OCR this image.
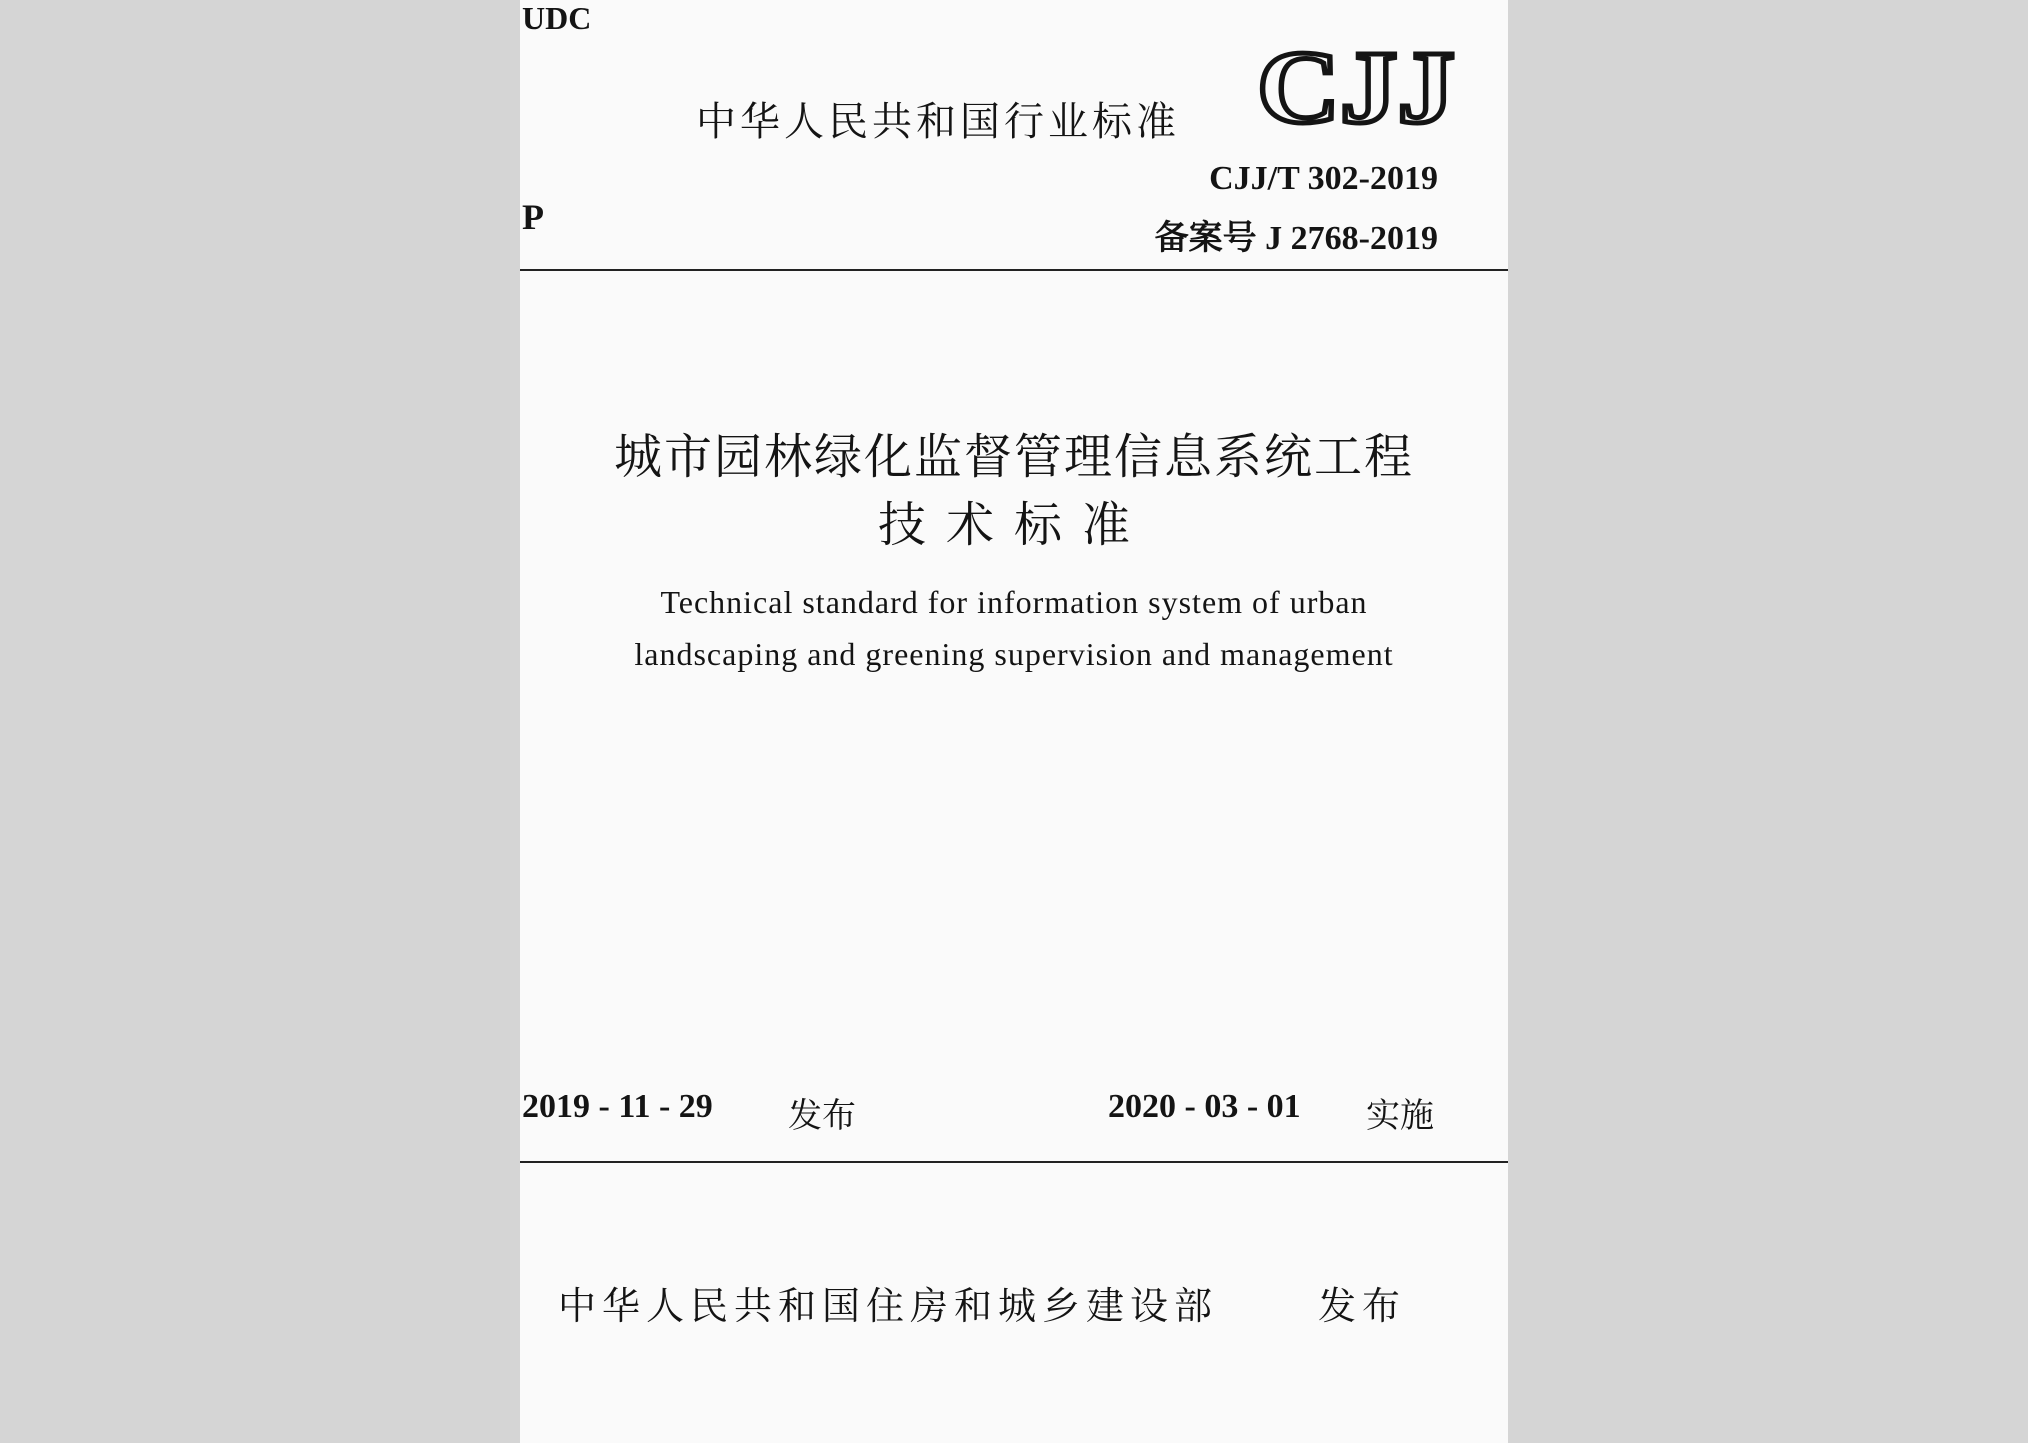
UDC

P

中华人民共和国行业标准 CJJ

CJJ/T 302-2019

备案号 J 2768-2019

城市园林绿化监督管理信息系统工程

技术标准

Technical standard for information system of urban

landscaping and greening supervision and management

2019 - 11 - 29 发布	2020 - 03 - 01 实施

中华人民共和国住房和城乡建设部	发布
